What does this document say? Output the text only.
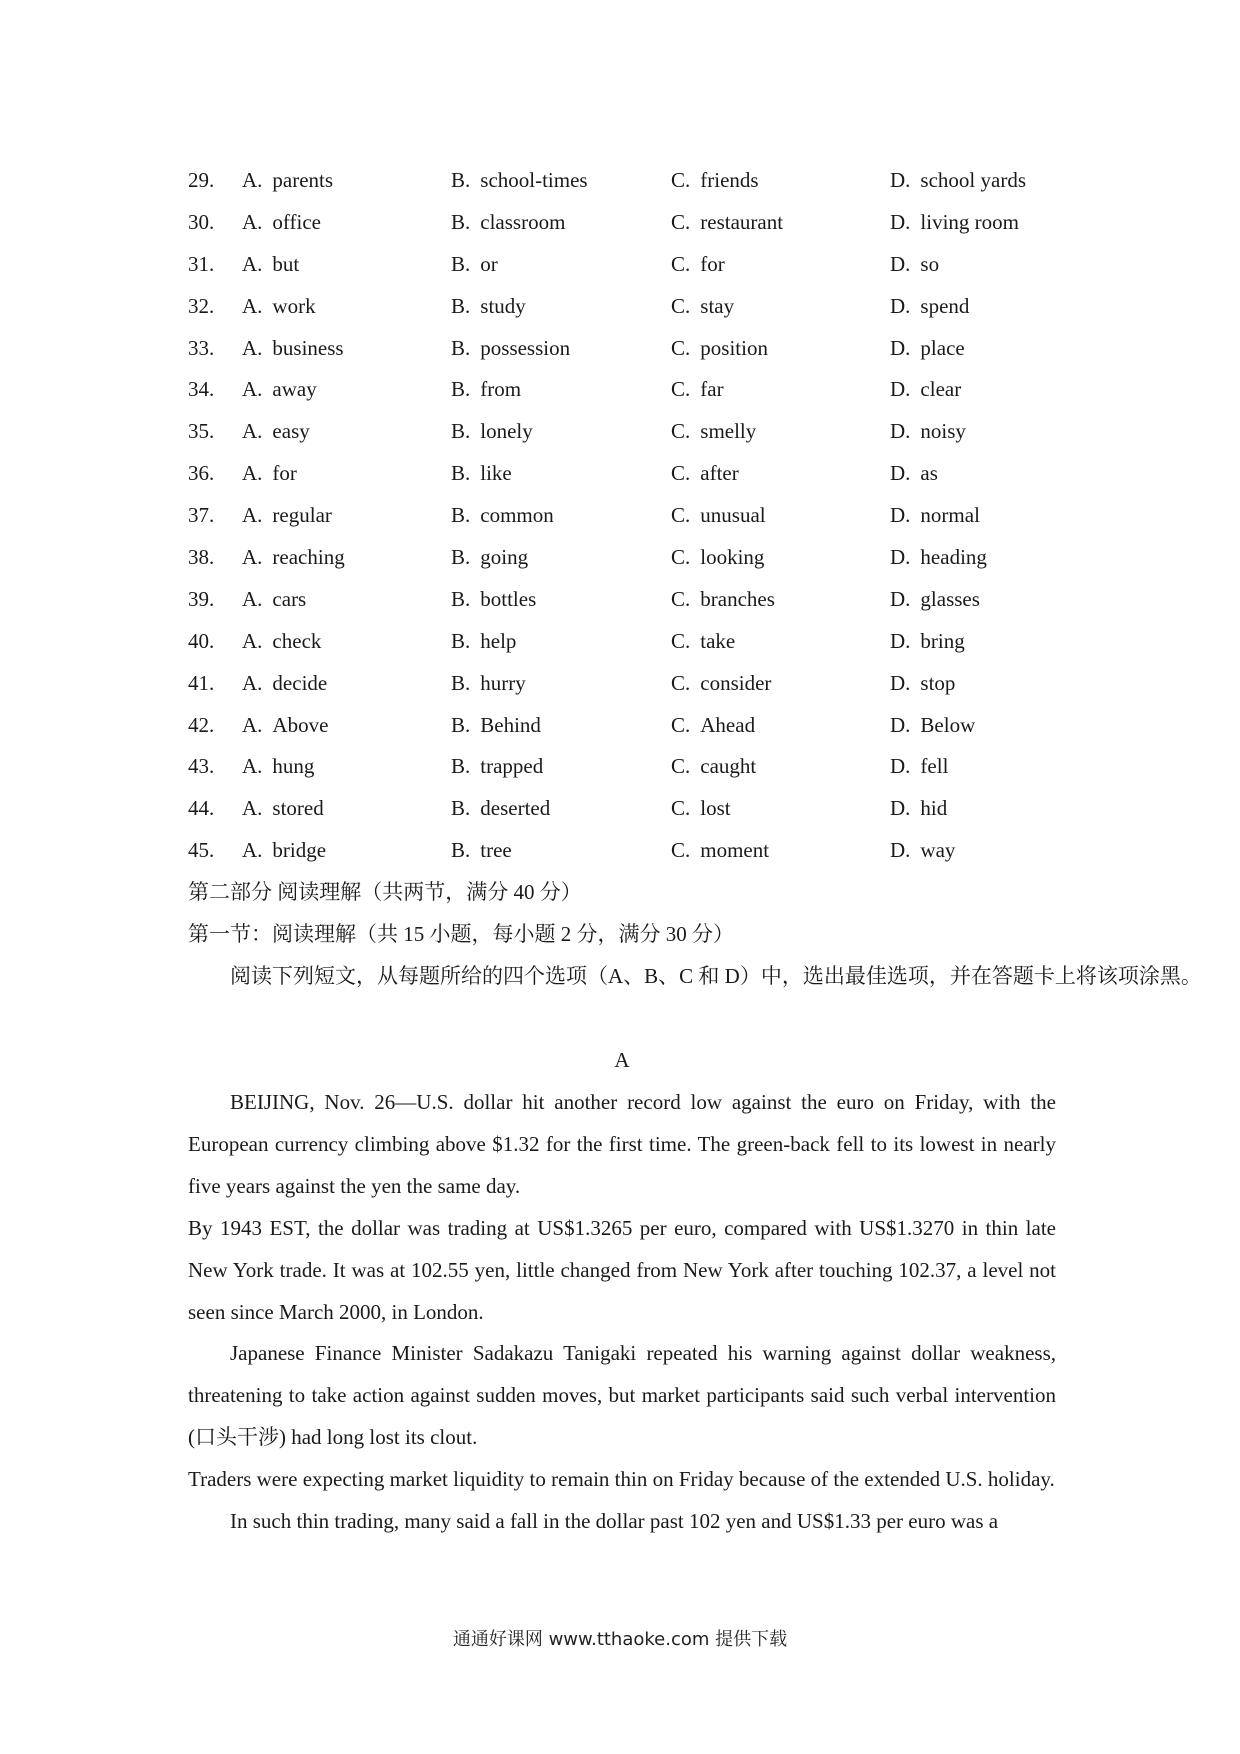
29. A. parents	B. school-times	C. friends	D. school yards
30. A. office	B. classroom	C. restaurant	D. living room
31. A. but	B. or	C. for	D. so
32. A. work	B. study	C. stay	D. spend
33. A. business	B. possession	C. position	D. place
34. A. away	B. from	C. far	D. clear
35. A. easy	B. lonely	C. smelly	D. noisy
36. A. for	B. like	C. after	D. as
37. A. regular	B. common	C. unusual	D. normal
38. A. reaching	B. going	C. looking	D. heading
39. A. cars	B. bottles	C. branches	D. glasses
40. A. check	B. help	C. take	D. bring
41. A. decide	B. hurry	C. consider	D. stop
42. A. Above	B. Behind	C. Ahead	D. Below
43. A. hung	B. trapped	C. caught	D. fell
44. A. stored	B. deserted	C. lost	D. hid
45. A. bridge	B. tree	C. moment	D. way
第二部分 阅读理解（共两节，满分 40 分）
第一节：阅读理解（共 15 小题，每小题 2 分，满分 30 分）
阅读下列短文，从每题所给的四个选项（A、B、C 和 D）中，选出最佳选项，并在答题卡上将该项涂黑。
A

BEIJING, Nov. 26—U.S. dollar hit another record low against the euro on Friday, with the European currency climbing above $1.32 for the first time. The green-back fell to its lowest in nearly five years against the yen the same day.

By 1943 EST, the dollar was trading at US$1.3265 per euro, compared with US$1.3270 in thin late New York trade. It was at 102.55 yen, little changed from New York after touching 102.37, a level not seen since March 2000, in London.

Japanese Finance Minister Sadakazu Tanigaki repeated his warning against dollar weakness, threatening to take action against sudden moves, but market participants said such verbal intervention (口头干涉) had long lost its clout.

Traders were expecting market liquidity to remain thin on Friday because of the extended U.S. holiday.

In such thin trading, many said a fall in the dollar past 102 yen and US$1.33 per euro was a

通通好课网 www.tthaoke.com 提供下载
